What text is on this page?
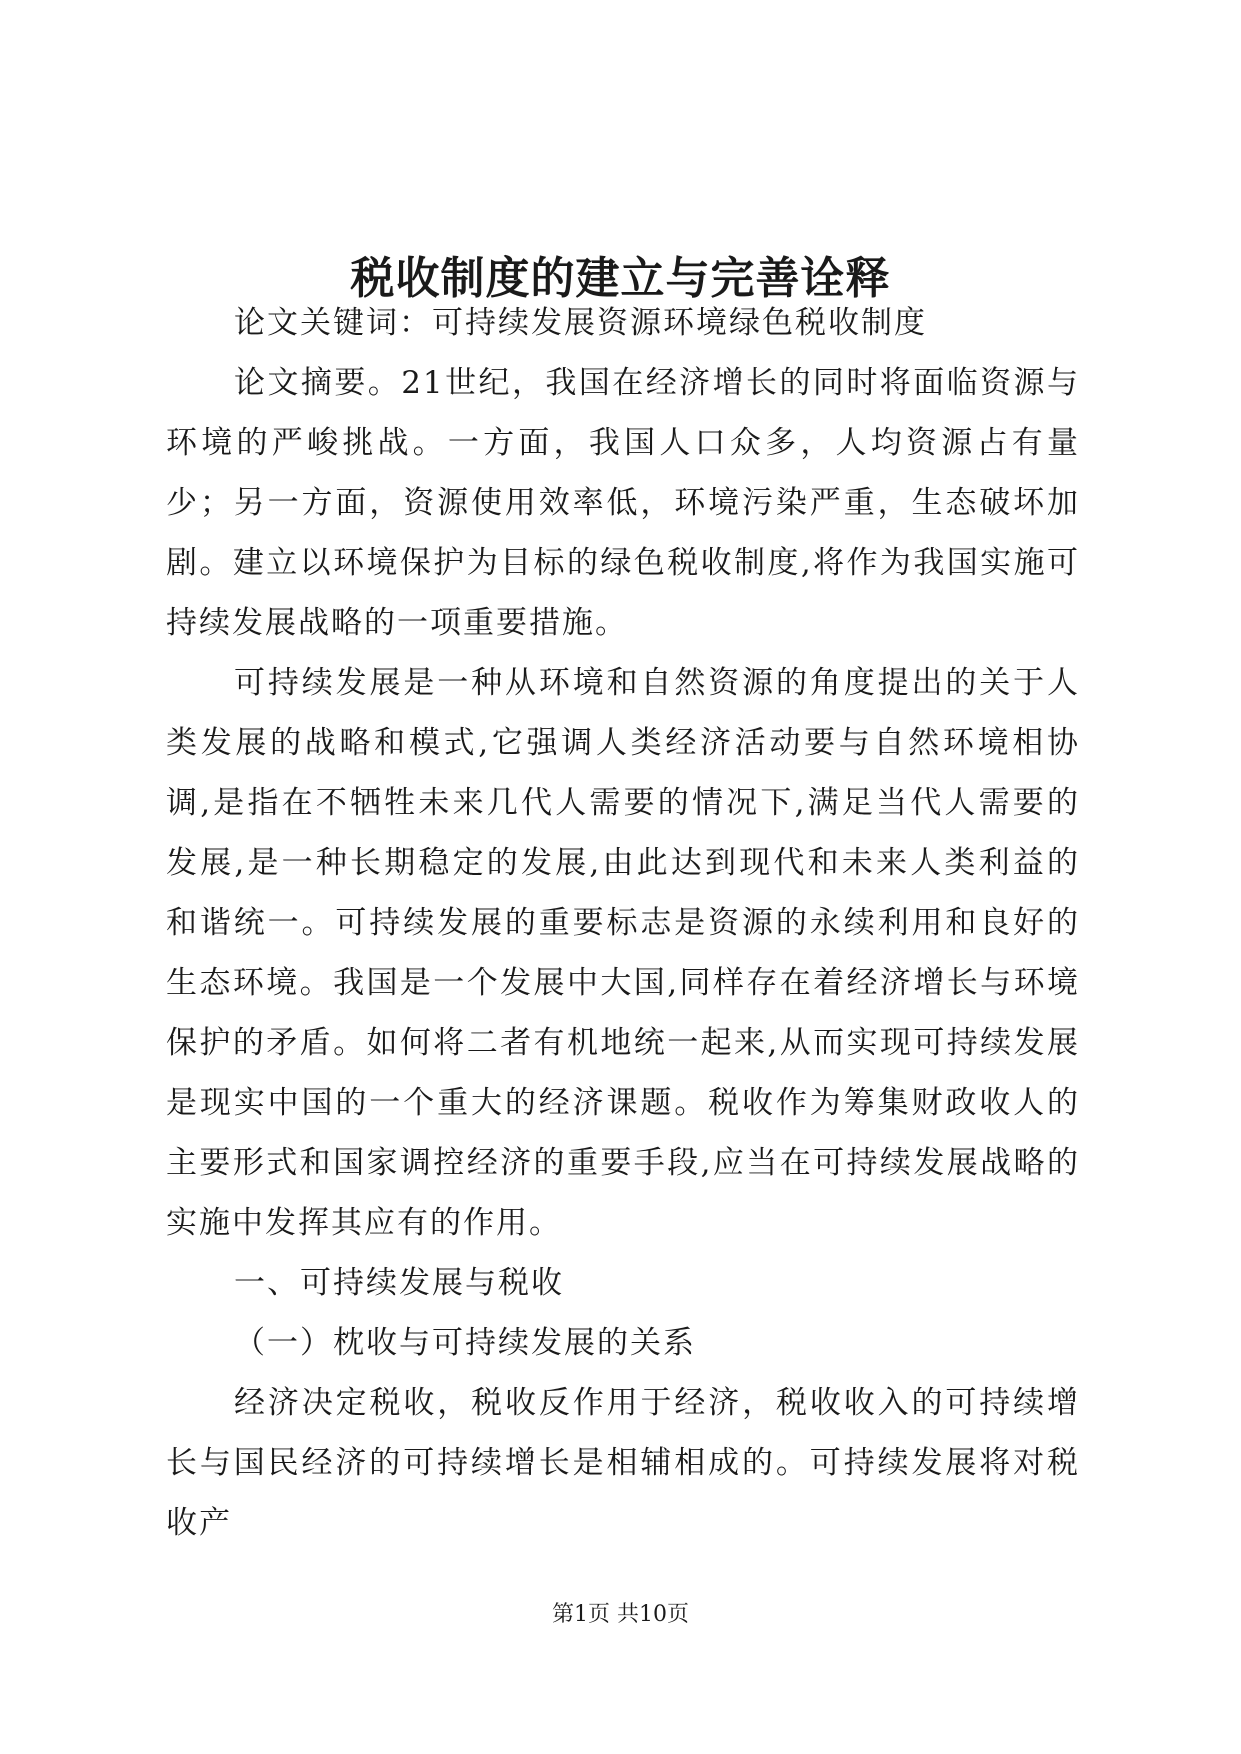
税收制度的建立与完善诠释

论文关键词：可持续发展资源环境绿色税收制度

论文摘要。21世纪，我国在经济增长的同时将面临资源与环境的严峻挑战。一方面，我国人口众多，人均资源占有量少；另一方面，资源使用效率低，环境污染严重，生态破坏加剧。建立以环境保护为目标的绿色税收制度,将作为我国实施可持续发展战略的一项重要措施。

可持续发展是一种从环境和自然资源的角度提出的关于人类发展的战略和模式,它强调人类经济活动要与自然环境相协调,是指在不牺牲未来几代人需要的情况下,满足当代人需要的发展,是一种长期稳定的发展,由此达到现代和未来人类利益的和谐统一。可持续发展的重要标志是资源的永续利用和良好的生态环境。我国是一个发展中大国,同样存在着经济增长与环境保护的矛盾。如何将二者有机地统一起来,从而实现可持续发展是现实中国的一个重大的经济课题。税收作为筹集财政收人的主要形式和国家调控经济的重要手段,应当在可持续发展战略的实施中发挥其应有的作用。

一、可持续发展与税收

（一）枕收与可持续发展的关系

经济决定税收，税收反作用于经济，税收收入的可持续增长与国民经济的可持续增长是相辅相成的。可持续发展将对税收产

第1页 共10页
